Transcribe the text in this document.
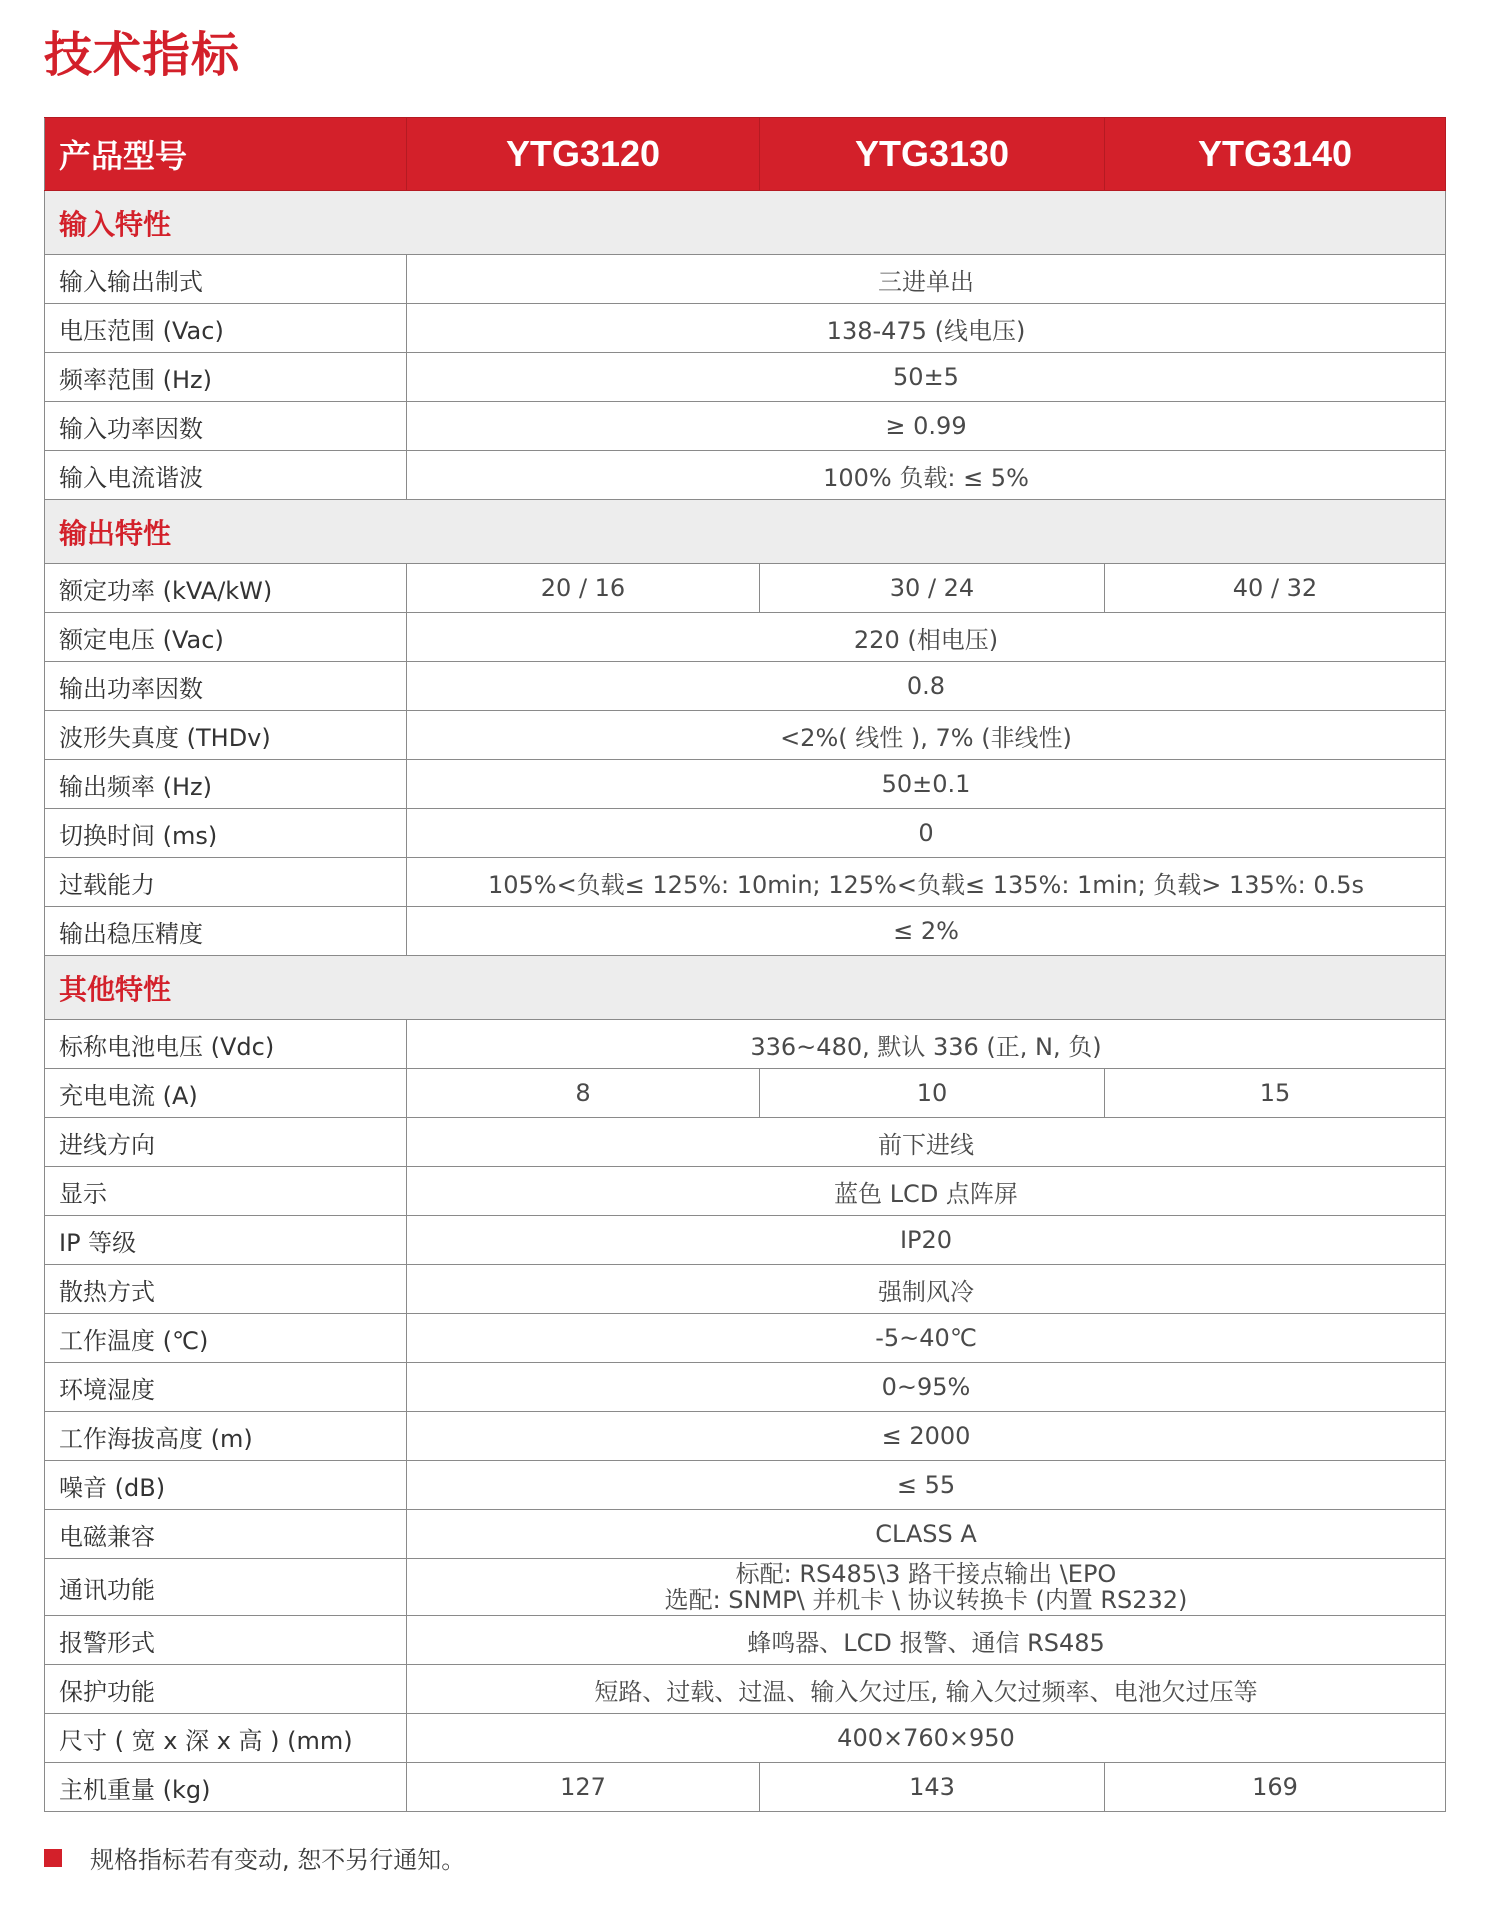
技术指标
产品型号	YTG3120	YTG3130	YTG3140
输入特性			
输入输出制式	三进单出		
电压范围 (Vac)	138-475 (线电压)		
频率范围 (Hz)	50±5		
输入功率因数	≥ 0.99		
输入电流谐波	100% 负载: ≤ 5%		
输出特性			
额定功率 (kVA/kW)	20 / 16	30 / 24	40 / 32
额定电压 (Vac)	220 (相电压)		
输出功率因数	0.8		
波形失真度 (THDv)	<2%( 线性 ), 7% (非线性)		
输出频率 (Hz)	50±0.1		
切换时间 (ms)	0		
过载能力	105%<负载≤ 125%: 10min; 125%<负载≤ 135%: 1min; 负载> 135%: 0.5s		
输出稳压精度	≤ 2%		
其他特性			
标称电池电压 (Vdc)	336~480, 默认 336 (正, N, 负)		
充电电流 (A)	8	10	15
进线方向	前下进线		
显示	蓝色 LCD 点阵屏		
IP 等级	IP20		
散热方式	强制风冷		
工作温度 (℃)	-5~40℃		
环境湿度	0~95%		
工作海拔高度 (m)	≤ 2000		
噪音 (dB)	≤ 55		
电磁兼容	CLASS A		
通讯功能	标配: RS485\3 路干接点输出 \EPO
选配: SNMP\ 并机卡 \ 协议转换卡 (内置 RS232)		

报警形式	蜂鸣器、LCD 报警、通信 RS485		
保护功能	短路、过载、过温、输入欠过压, 输入欠过频率、电池欠过压等		
尺寸 ( 宽 x 深 x 高 ) (mm)	400×760×950		
主机重量 (kg)	127	143	169
规格指标若有变动, 恕不另行通知。
